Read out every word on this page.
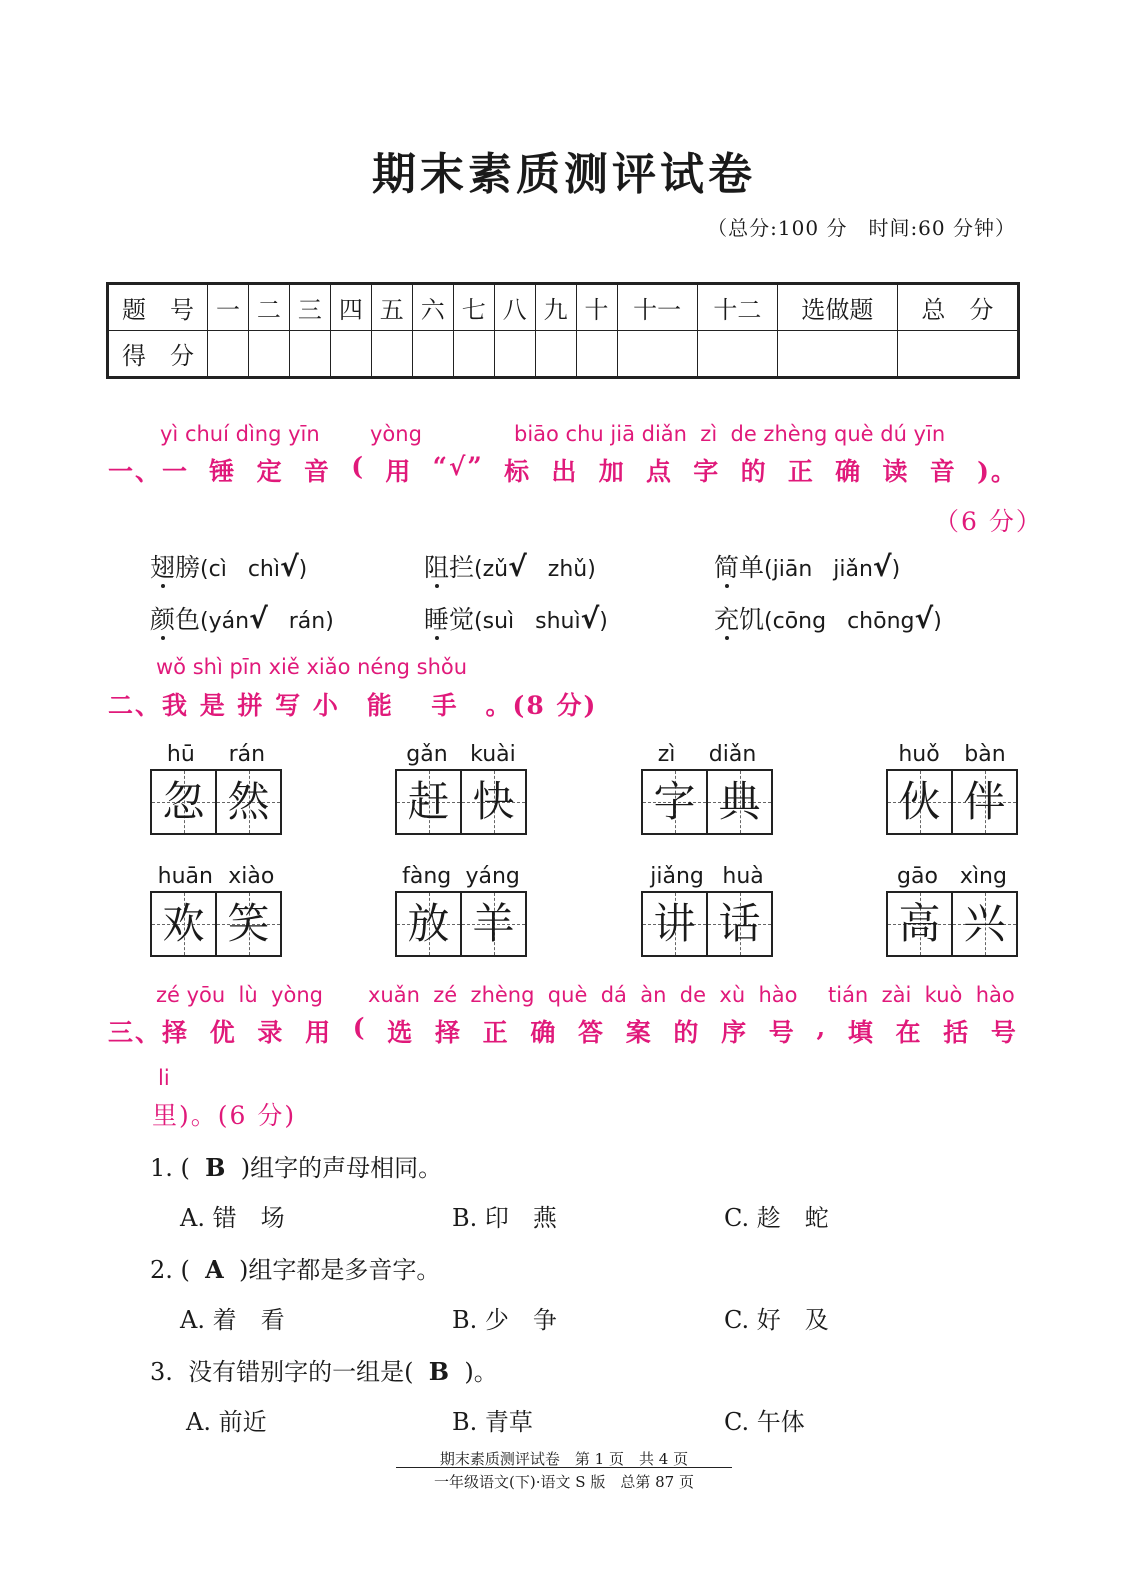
期末素质测评试卷
（总分:100 分　时间:60 分钟）
题　号	一	二	三	四	五	六	七	八	九	十	十一	十二	选做题	总　分
得　分														
yì chuí dìng yīn yòng	biāo chu jiā diǎn  zì  de zhèng què dú yīn
一、一 锤 定 音 ( 用 “√” 标 出 加 点 字 的 正 确 读 音 )。
（6 分）
翅膀(cì chì√)	阻拦(zǔ√ zhǔ)	简单(jiān jiǎn√)
颜色(yán√ rán)	睡觉(suì shuì√)	充饥(cōng chōng√)
wǒ shì pīn xiě xiǎo néng shǒu
二、我 是 拼 写 小　能　 手　。(8 分)
hū rán
忽 然
gǎn kuài
赶 快
zì diǎn
字 典
huǒ bàn
伙 伴
huān xiào
欢 笑
fàng yáng
放 羊
jiǎng huà
讲 话
gāo xìng
高 兴
zé yōu  lù  yòng xuǎn  zé  zhèng  què  dá  àn  de  xù  hào tián  zài  kuò  hào
三、择 优 录 用 ( 选 择 正 确 答 案 的 序 号 , 填 在 括 号
li
里)。(6 分)
1. ( B )组字的声母相同。
A. 错　场	B. 印　燕	C. 趁　蛇
2. ( A )组字都是多音字。
A. 着　看	B. 少　争	C. 好　及
3.  没有错别字的一组是( B )。
A. 前近	B. 青草	C. 午体
期末素质测评试卷　第 1 页　共 4 页
一年级语文(下)·语文 S 版　总第 87 页
